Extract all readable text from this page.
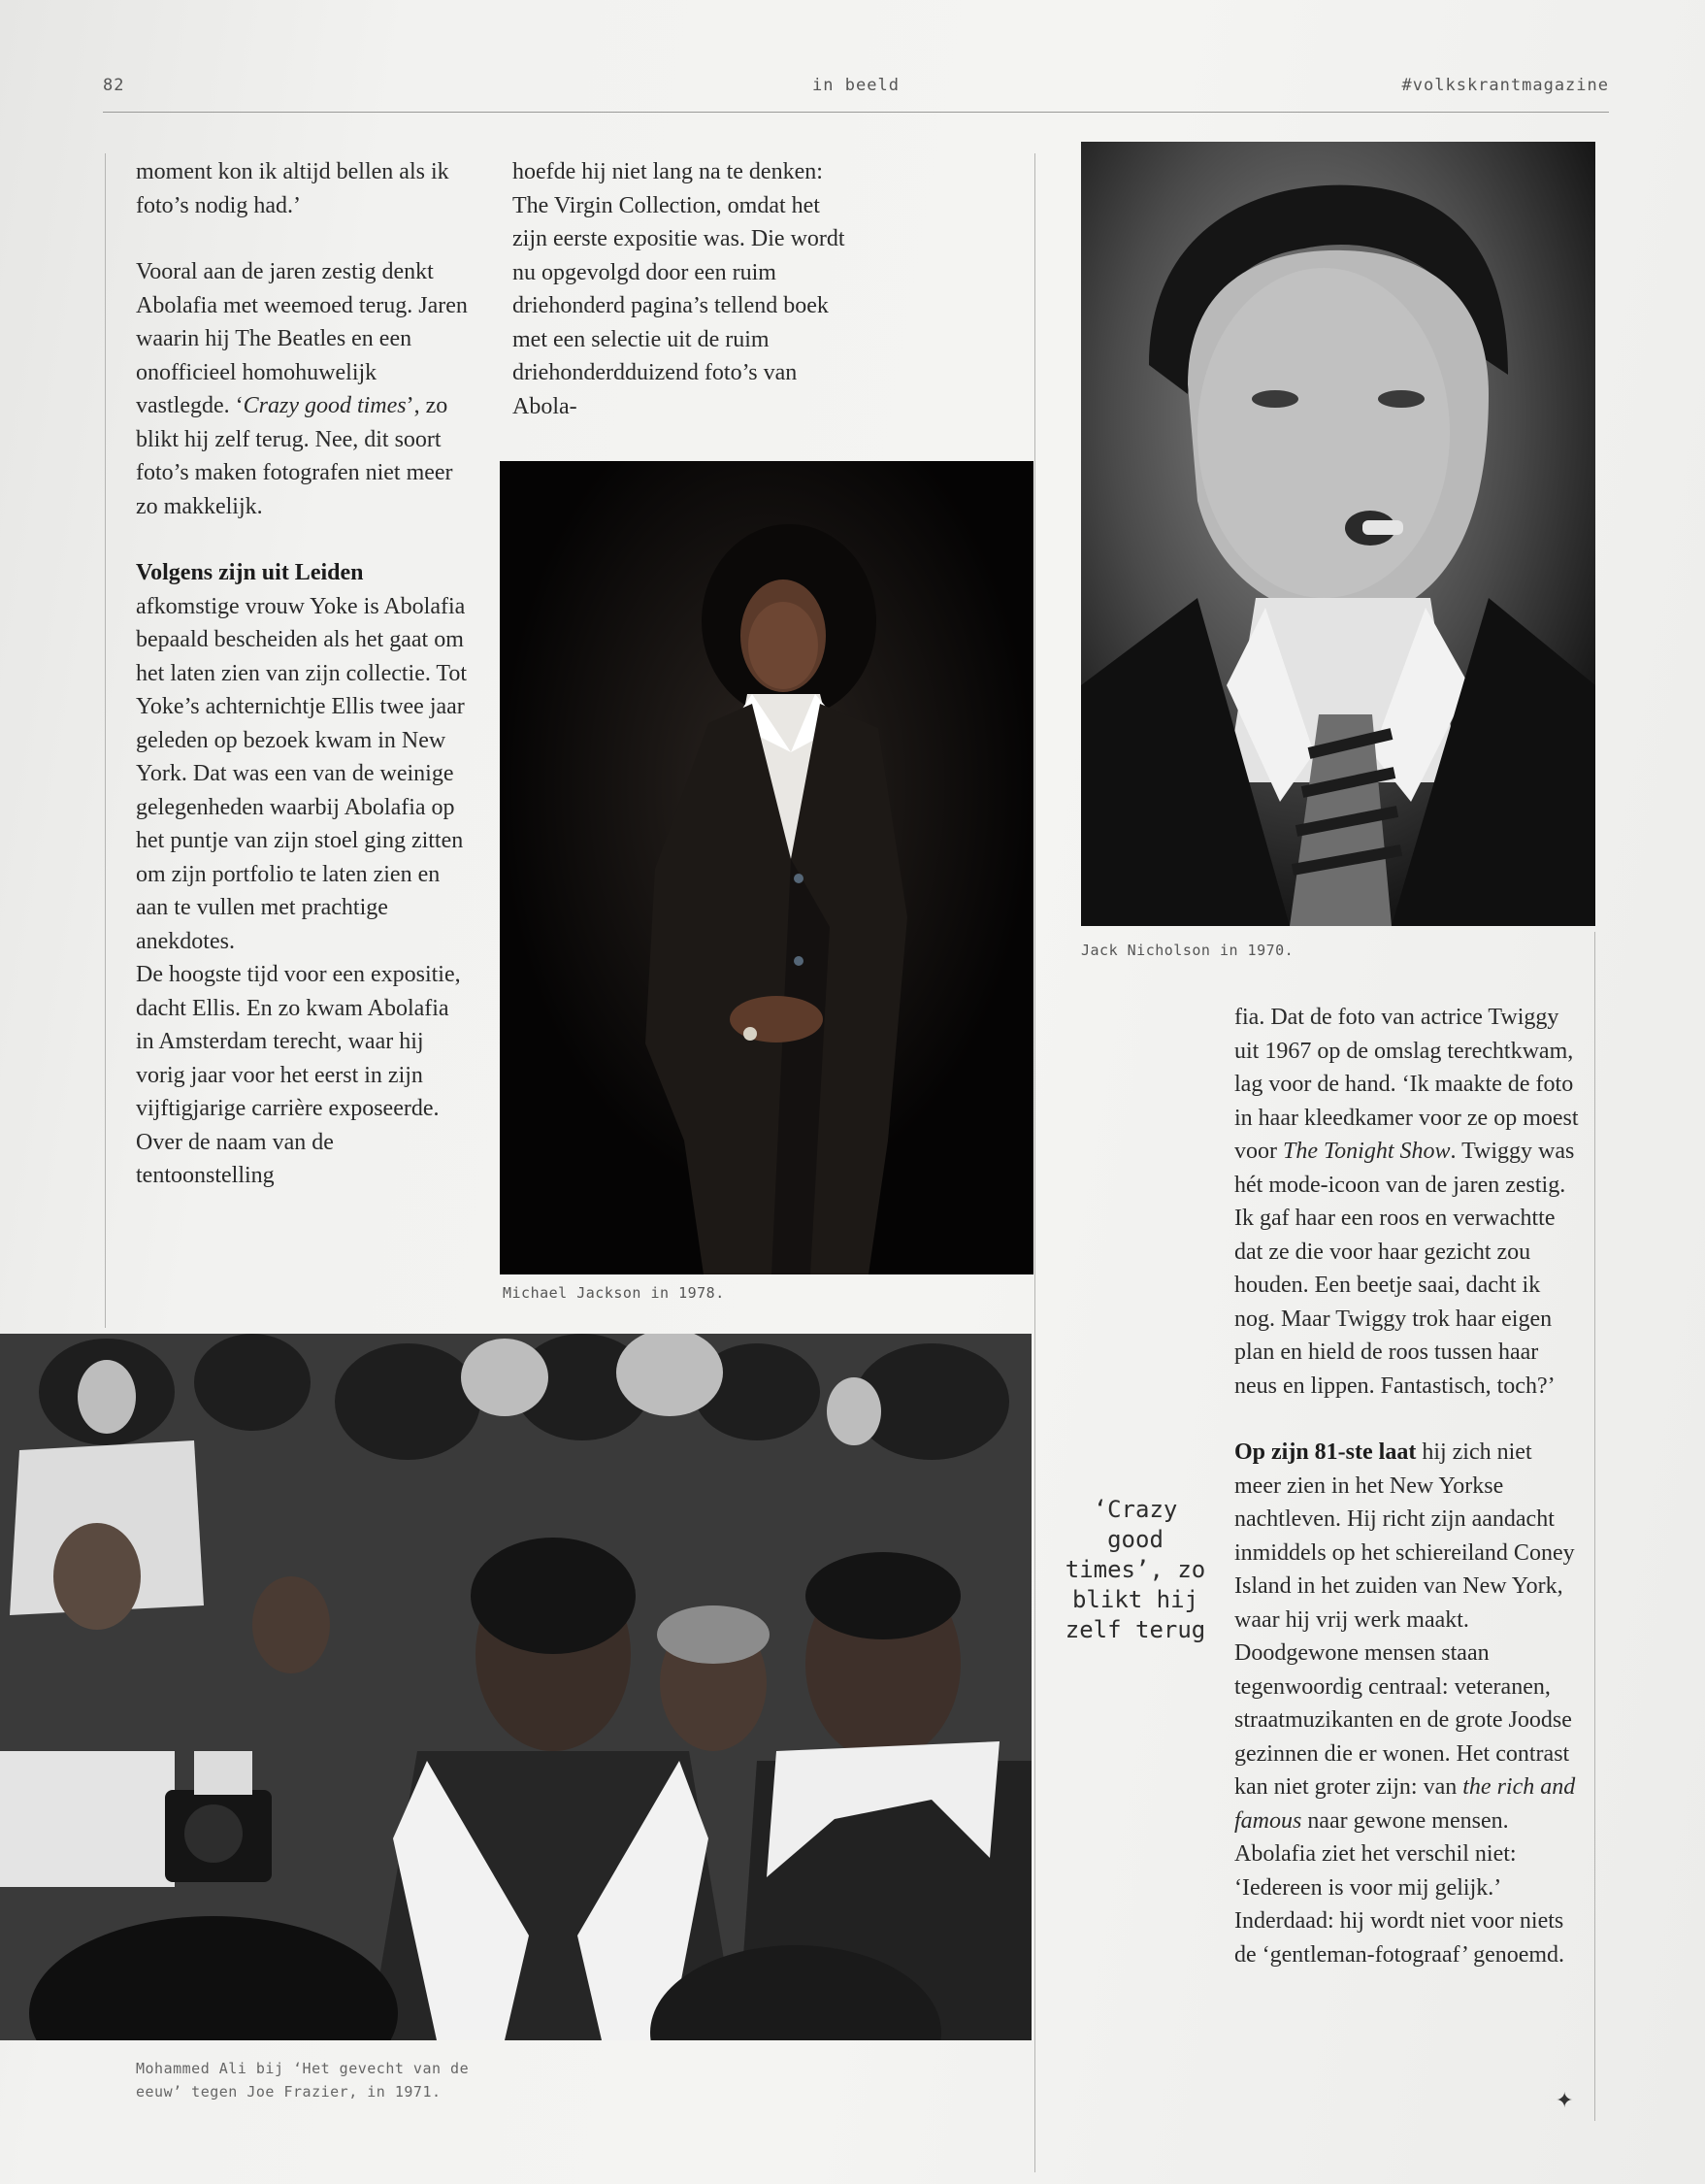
82	in beeld	#volkskrantmagazine

moment kon ik altijd bellen als ik foto’s nodig had.’

Vooral aan de jaren zestig denkt Abolafia met weemoed terug. Jaren waarin hij The Beatles en een onofficieel homohuwelijk vastlegde. ‘Crazy good times’, zo blikt hij zelf terug. Nee, dit soort foto’s maken fotografen niet meer zo makkelijk.

Volgens zijn uit Leiden afkomstige vrouw Yoke is Abolafia bepaald bescheiden als het gaat om het laten zien van zijn collectie. Tot Yoke’s achternichtje Ellis twee jaar geleden op bezoek kwam in New York. Dat was een van de weinige gelegenheden waarbij Abolafia op het puntje van zijn stoel ging zitten om zijn portfolio te laten zien en aan te vullen met prachtige anekdotes.

De hoogste tijd voor een expositie, dacht Ellis. En zo kwam Abolafia in Amsterdam terecht, waar hij vorig jaar voor het eerst in zijn vijftigjarige carrière exposeerde. Over de naam van de tentoonstelling

hoefde hij niet lang na te denken: The Virgin Collection, omdat het zijn eerste expositie was. Die wordt nu opgevolgd door een ruim driehonderd pagina’s tellend boek met een selectie uit de ruim driehonderdduizend foto’s van Abola-

Michael Jackson in 1978.
Jack Nicholson in 1970.
Mohammed Ali bij ‘Het gevecht van de
eeuw’ tegen Joe Frazier, in 1971.

fia. Dat de foto van actrice Twiggy uit 1967 op de omslag terechtkwam, lag voor de hand. ‘Ik maakte de foto in haar kleedkamer voor ze op moest voor The Tonight Show. Twiggy was hét mode-icoon van de jaren zestig. Ik gaf haar een roos en verwachtte dat ze die voor haar gezicht zou houden. Een beetje saai, dacht ik nog. Maar Twiggy trok haar eigen plan en hield de roos tussen haar neus en lippen. Fantastisch, toch?’

Op zijn 81-ste laat hij zich niet meer zien in het New Yorkse nachtleven. Hij richt zijn aandacht inmiddels op het schiereiland Coney Island in het zuiden van New York, waar hij vrij werk maakt. Doodgewone mensen staan tegenwoordig centraal: veteranen, straatmuzikanten en de grote Joodse gezinnen die er wonen. Het contrast kan niet groter zijn: van the rich and famous naar gewone mensen. Abolafia ziet het verschil niet: ‘Iedereen is voor mij gelijk.’ Inderdaad: hij wordt niet voor niets de ‘gentleman-fotograaf’ genoemd.

‘Crazy good times’, zo blikt hij zelf terug
✦
